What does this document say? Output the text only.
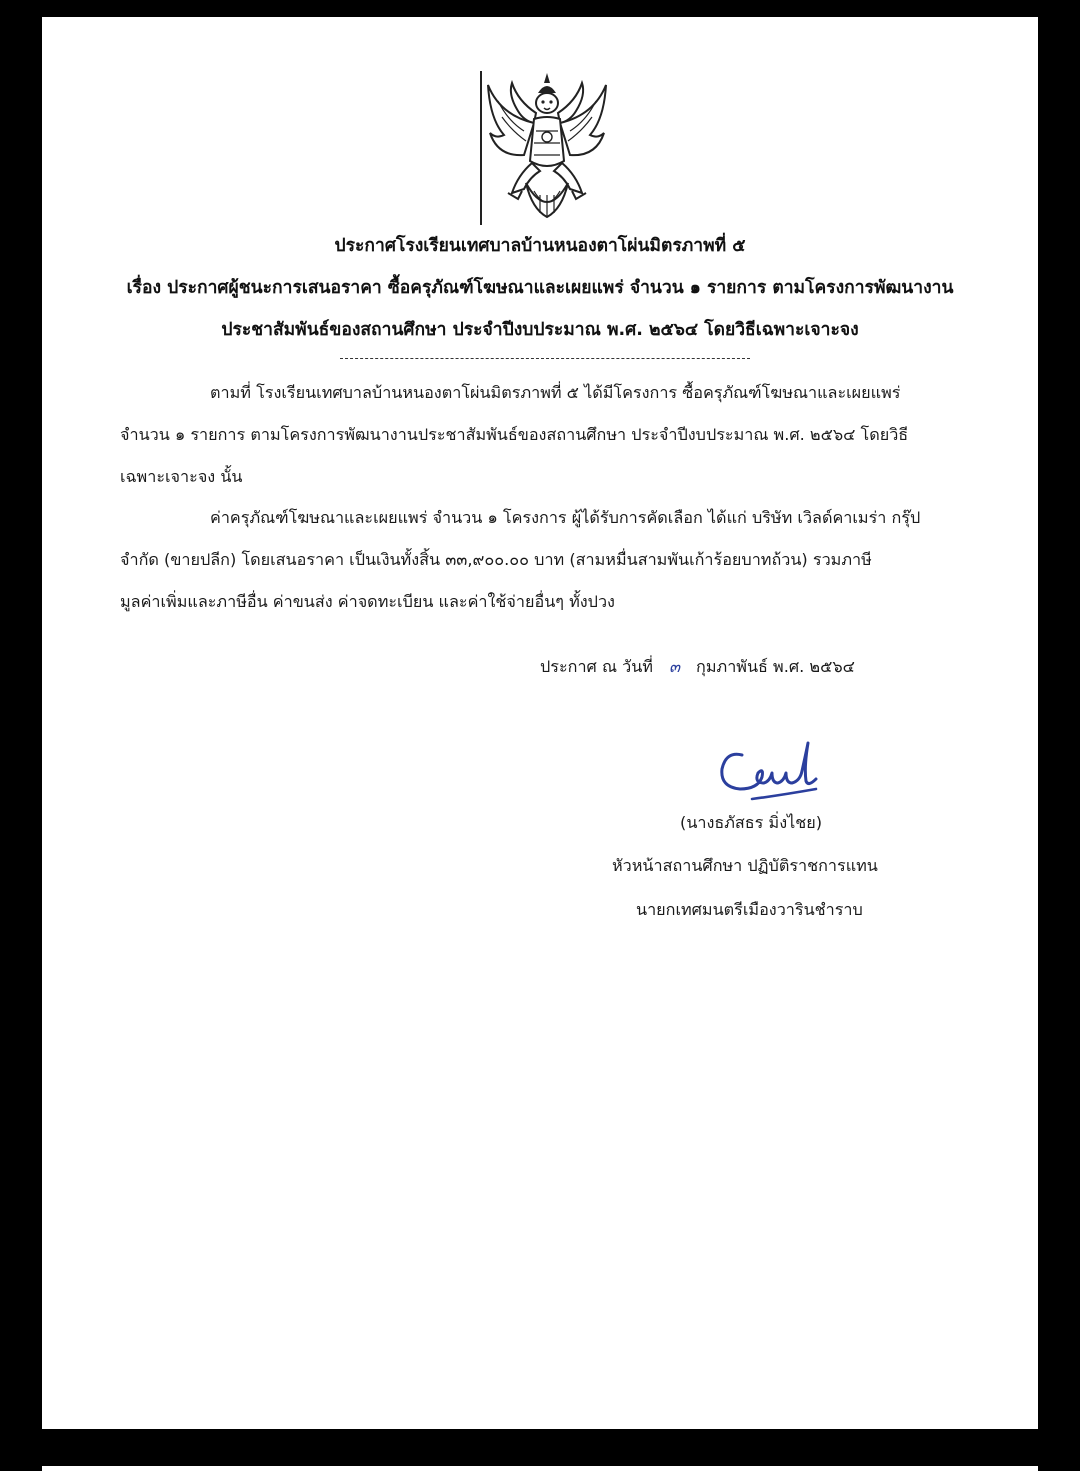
ประกาศโรงเรียนเทศบาลบ้านหนองตาโผ่นมิตรภาพที่ ๕
เรื่อง ประกาศผู้ชนะการเสนอราคา ซื้อครุภัณฑ์โฆษณาและเผยแพร่ จำนวน ๑ รายการ ตามโครงการพัฒนางาน
ประชาสัมพันธ์ของสถานศึกษา ประจำปีงบประมาณ พ.ศ. ๒๕๖๔ โดยวิธีเฉพาะเจาะจง
ตามที่ โรงเรียนเทศบาลบ้านหนองตาโผ่นมิตรภาพที่ ๕ ได้มีโครงการ ซื้อครุภัณฑ์โฆษณาและเผยแพร่
จำนวน ๑ รายการ ตามโครงการพัฒนางานประชาสัมพันธ์ของสถานศึกษา ประจำปีงบประมาณ พ.ศ. ๒๕๖๔ โดยวิธี
เฉพาะเจาะจง นั้น
ค่าครุภัณฑ์โฆษณาและเผยแพร่ จำนวน ๑ โครงการ ผู้ได้รับการคัดเลือก ได้แก่ บริษัท เวิลด์คาเมร่า กรุ๊ป
จำกัด (ขายปลีก) โดยเสนอราคา เป็นเงินทั้งสิ้น ๓๓,๙๐๐.๐๐ บาท (สามหมื่นสามพันเก้าร้อยบาทถ้วน) รวมภาษี
มูลค่าเพิ่มและภาษีอื่น ค่าขนส่ง ค่าจดทะเบียน และค่าใช้จ่ายอื่นๆ ทั้งปวง
ประกาศ ณ วันที่ ๓ กุมภาพันธ์ พ.ศ. ๒๕๖๔
(นางธภัสธร มิ่งไชย)
หัวหน้าสถานศึกษา ปฏิบัติราชการแทน
นายกเทศมนตรีเมืองวารินชำราบ
